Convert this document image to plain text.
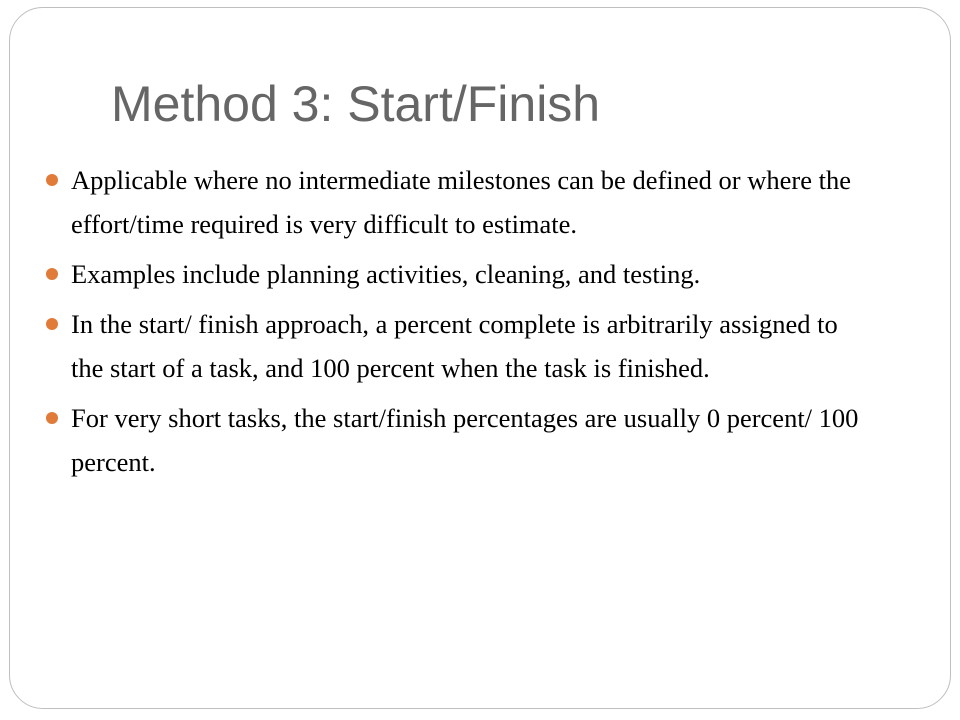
Method 3: Start/Finish
Applicable where no intermediate milestones can be defined or where the effort/time required is very difficult to estimate.
Examples include planning activities, cleaning, and testing.
In the start/ finish approach, a percent complete is arbitrarily assigned to the start of a task, and 100 percent when the task is finished.
For very short tasks, the start/finish percentages are usually 0 percent/ 100 percent.
